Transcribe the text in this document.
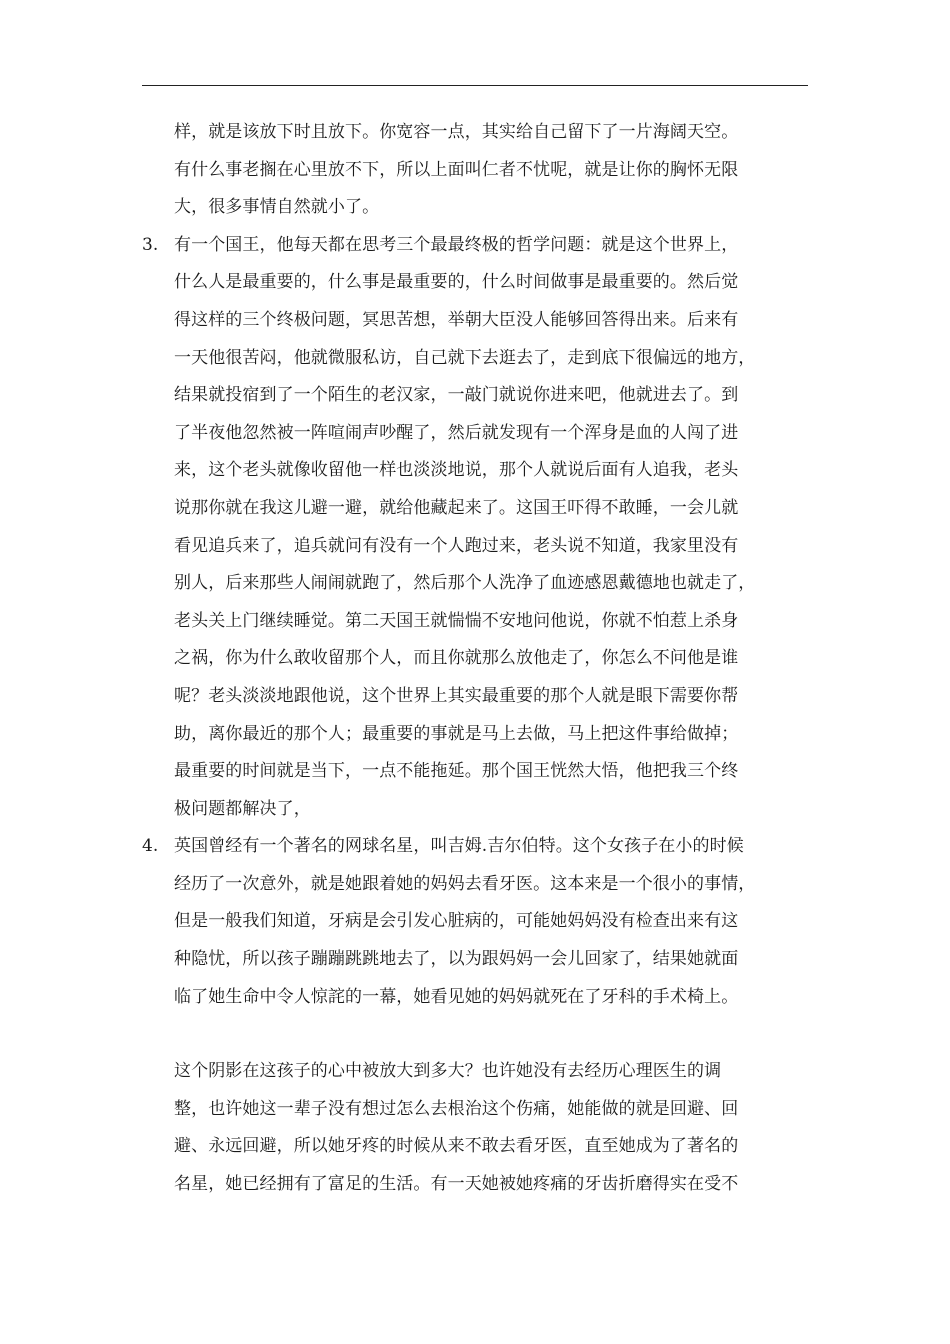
样，就是该放下时且放下。你宽容一点，其实给自己留下了一片海阔天空。
有什么事老搁在心里放不下，所以上面叫仁者不忧呢，就是让你的胸怀无限
大，很多事情自然就小了。
3. 有一个国王，他每天都在思考三个最最终极的哲学问题：就是这个世界上，
什么人是最重要的，什么事是最重要的，什么时间做事是最重要的。然后觉
得这样的三个终极问题，冥思苦想，举朝大臣没人能够回答得出来。后来有
一天他很苦闷，他就微服私访，自己就下去逛去了，走到底下很偏远的地方，
结果就投宿到了一个陌生的老汉家，一敲门就说你进来吧，他就进去了。到
了半夜他忽然被一阵喧闹声吵醒了，然后就发现有一个浑身是血的人闯了进
来，这个老头就像收留他一样也淡淡地说，那个人就说后面有人追我，老头
说那你就在我这儿避一避，就给他藏起来了。这国王吓得不敢睡，一会儿就
看见追兵来了，追兵就问有没有一个人跑过来，老头说不知道，我家里没有
别人，后来那些人闹闹就跑了，然后那个人洗净了血迹感恩戴德地也就走了，
老头关上门继续睡觉。第二天国王就惴惴不安地问他说，你就不怕惹上杀身
之祸，你为什么敢收留那个人，而且你就那么放他走了，你怎么不问他是谁
呢？老头淡淡地跟他说，这个世界上其实最重要的那个人就是眼下需要你帮
助，离你最近的那个人；最重要的事就是马上去做，马上把这件事给做掉；
最重要的时间就是当下，一点不能拖延。那个国王恍然大悟，他把我三个终
极问题都解决了，
4. 英国曾经有一个著名的网球名星，叫吉姆.吉尔伯特。这个女孩子在小的时候
经历了一次意外，就是她跟着她的妈妈去看牙医。这本来是一个很小的事情，
但是一般我们知道，牙病是会引发心脏病的，可能她妈妈没有检查出来有这
种隐忧，所以孩子蹦蹦跳跳地去了，以为跟妈妈一会儿回家了，结果她就面
临了她生命中令人惊詫的一幕，她看见她的妈妈就死在了牙科的手术椅上。
这个阴影在这孩子的心中被放大到多大？也许她没有去经历心理医生的调
整，也许她这一辈子没有想过怎么去根治这个伤痛，她能做的就是回避、回
避、永远回避，所以她牙疼的时候从来不敢去看牙医，直至她成为了著名的
名星，她已经拥有了富足的生活。有一天她被她疼痛的牙齿折磨得实在受不
